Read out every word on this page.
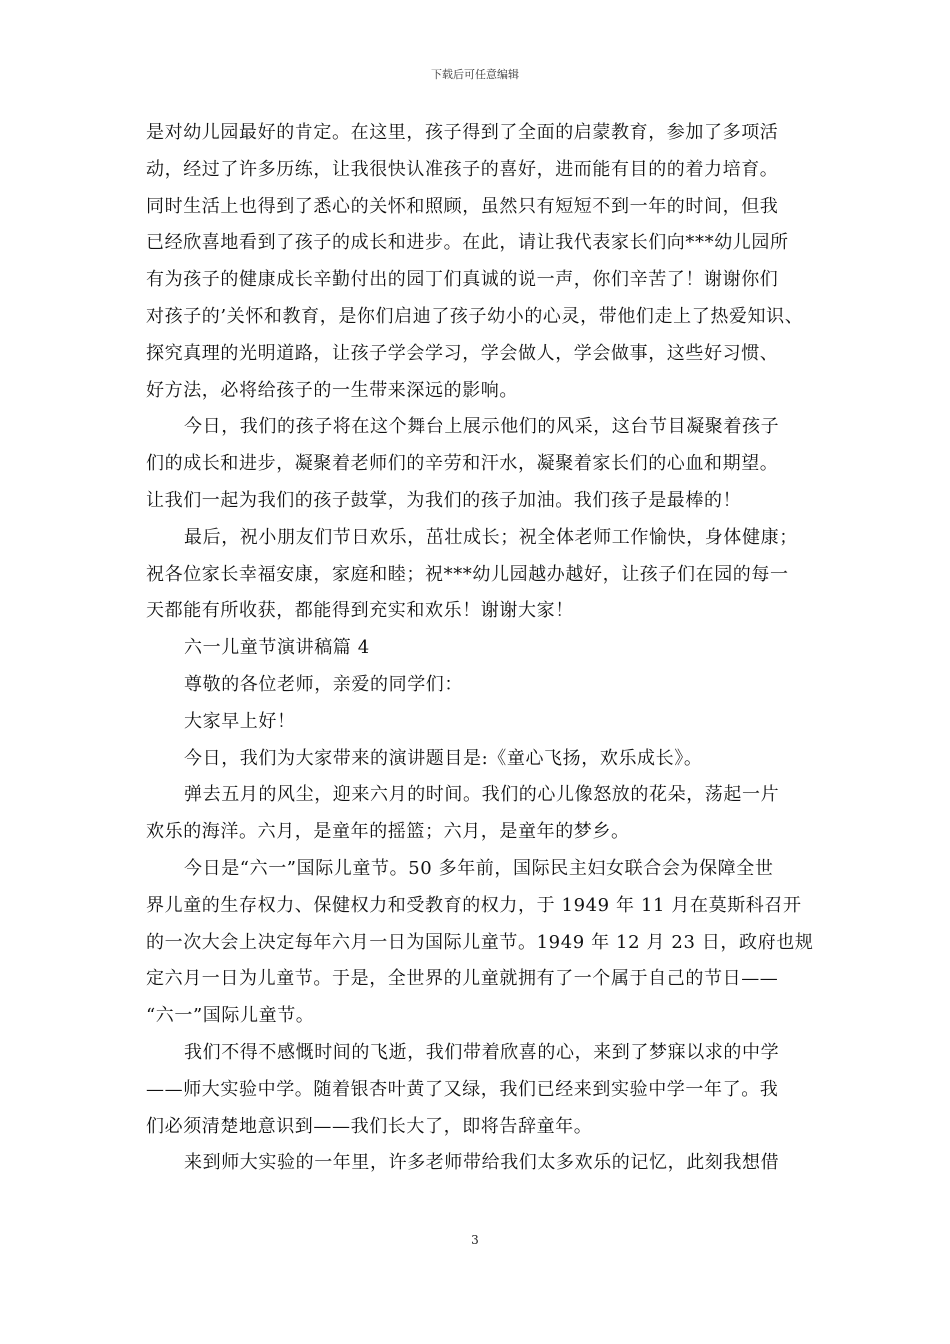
下载后可任意编辑
是对幼儿园最好的肯定。在这里，孩子得到了全面的启蒙教育，参加了多项活
动，经过了许多历练，让我很快认准孩子的喜好，进而能有目的的着力培育。
同时生活上也得到了悉心的关怀和照顾，虽然只有短短不到一年的时间，但我
已经欣喜地看到了孩子的成长和进步。在此，请让我代表家长们向***幼儿园所
有为孩子的健康成长辛勤付出的园丁们真诚的说一声，你们辛苦了！谢谢你们
对孩子的’关怀和教育，是你们启迪了孩子幼小的心灵，带他们走上了热爱知识、
探究真理的光明道路，让孩子学会学习，学会做人，学会做事，这些好习惯、
好方法，必将给孩子的一生带来深远的影响。
今日，我们的孩子将在这个舞台上展示他们的风采，这台节目凝聚着孩子
们的成长和进步，凝聚着老师们的辛劳和汗水，凝聚着家长们的心血和期望。
让我们一起为我们的孩子鼓掌，为我们的孩子加油。我们孩子是最棒的！
最后，祝小朋友们节日欢乐，茁壮成长；祝全体老师工作愉快，身体健康；
祝各位家长幸福安康，家庭和睦；祝***幼儿园越办越好，让孩子们在园的每一
天都能有所收获，都能得到充实和欢乐！谢谢大家！
六一儿童节演讲稿篇 4
尊敬的各位老师，亲爱的同学们：
大家早上好！
今日，我们为大家带来的演讲题目是:《童心飞扬，欢乐成长》。
弹去五月的风尘，迎来六月的时间。我们的心儿像怒放的花朵，荡起一片
欢乐的海洋。六月，是童年的摇篮；六月，是童年的梦乡。
今日是“六一”国际儿童节。50 多年前，国际民主妇女联合会为保障全世
界儿童的生存权力、保健权力和受教育的权力，于 1949 年 11 月在莫斯科召开
的一次大会上决定每年六月一日为国际儿童节。1949 年 12 月 23 日，政府也规
定六月一日为儿童节。于是，全世界的儿童就拥有了一个属于自己的节日——
“六一”国际儿童节。
我们不得不感慨时间的飞逝，我们带着欣喜的心，来到了梦寐以求的中学
——师大实验中学。随着银杏叶黄了又绿，我们已经来到实验中学一年了。我
们必须清楚地意识到——我们长大了，即将告辞童年。
来到师大实验的一年里，许多老师带给我们太多欢乐的记忆，此刻我想借
3
